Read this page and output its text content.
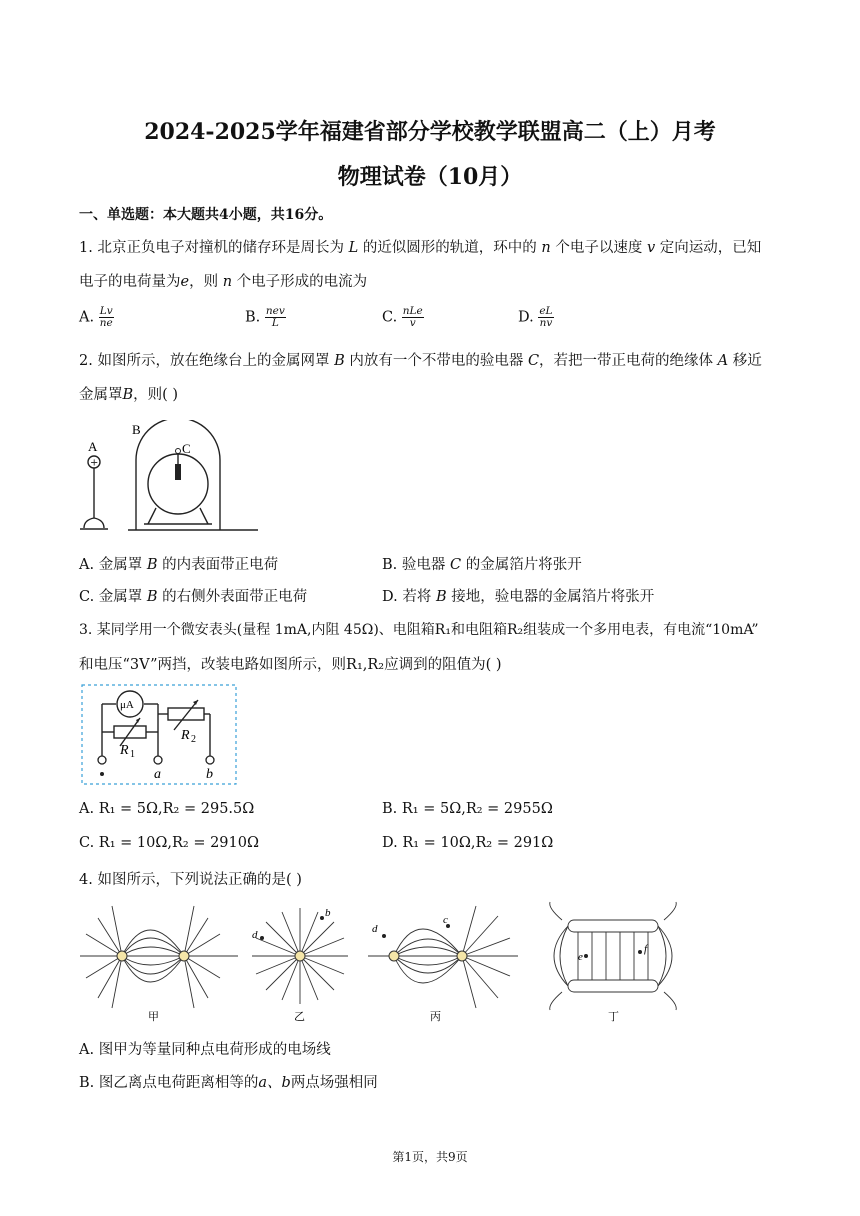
2024-2025学年福建省部分学校教学联盟高二（上）月考
物理试卷（10月）
一、单选题：本大题共4小题，共16分。
1. 北京正负电子对撞机的储存环是周长为 L 的近似圆形的轨道，环中的 n 个电子以速度 v 定向运动，已知
电子的电荷量为e，则 n 个电子形成的电流为
A. $\frac{Lv}{ne}$	B. $\frac{\text{nev}}{L}$	C. $\frac{\text{nLe}}{v}$	D. $\frac{eL}{nv}$
2. 如图所示，放在绝缘台上的金属网罩 B 内放有一个不带电的验电器 C，若把一带正电荷的绝缘体 A 移近
金属罩B，则( )
+
A
B
C
A. 金属罩 B 的内表面带正电荷	B. 验电器 C 的金属箔片将张开
C. 金属罩 B 的右侧外表面带正电荷	D. 若将 B 接地，验电器的金属箔片将张开
3. 某同学用一个微安表头(量程 1mA,内阻 45Ω)、电阻箱R₁和电阻箱R₂组装成一个多用电表，有电流“10mA”
和电压“3V”两挡，改装电路如图所示，则R₁,R₂应调到的阻值为( )
μA
R 1
R 2
a	b
A. R₁ = 5Ω,R₂ = 295.5Ω	B. R₁ = 5Ω,R₂ = 2955Ω
C. R₁ = 10Ω,R₂ = 2910Ω	D. R₁ = 10Ω,R₂ = 291Ω
4. 如图所示，下列说法正确的是( )
b
d	d
c
e
f
甲	乙	丙	丁
A. 图甲为等量同种点电荷形成的电场线
B. 图乙离点电荷距离相等的a、b两点场强相同
第1页，共9页
